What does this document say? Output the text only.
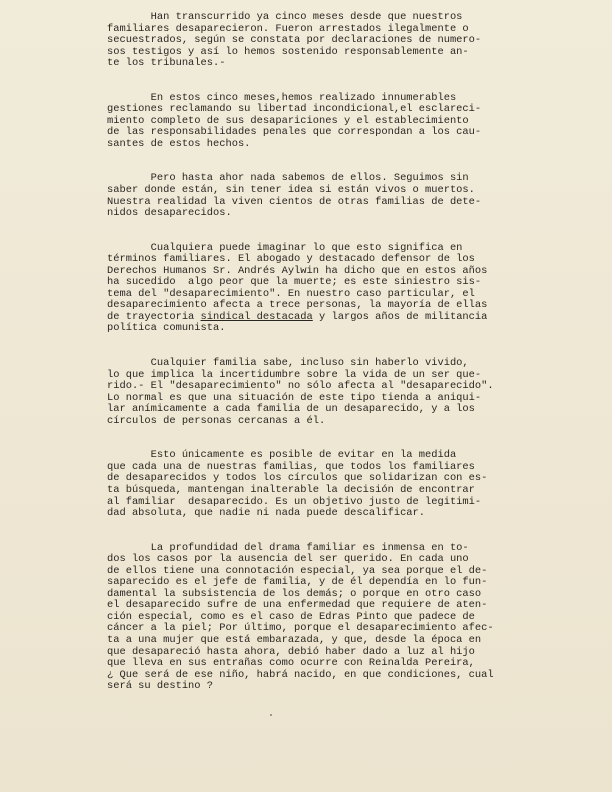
Han transcurrido ya cinco meses desde que nuestros
familiares desaparecieron. Fueron arrestados ilegalmente o
secuestrados, según se constata por declaraciones de numero-
sos testigos y así lo hemos sostenido responsablemente an-
te los tribunales.-
En estos cinco meses,hemos realizado innumerables
gestiones reclamando su libertad incondicional,el esclareci-
miento completo de sus desapariciones y el establecimiento
de las responsabilidades penales que correspondan a los cau-
santes de estos hechos.
Pero hasta ahor nada sabemos de ellos. Seguimos sin
saber donde están, sin tener idea si están vivos o muertos.
Nuestra realidad la viven cientos de otras familias de dete-
nidos desaparecidos.
Cualquiera puede imaginar lo que esto significa en
términos familiares. El abogado y destacado defensor de los
Derechos Humanos Sr. Andrés Aylwin ha dicho que en estos años
ha sucedido  algo peor que la muerte; es este siniestro sis-
tema del "desaparecimiento". En nuestro caso particular, el
desaparecimiento afecta a trece personas, la mayoría de ellas
de trayectoria sindical destacada y largos años de militancia
política comunista.
Cualquier familia sabe, incluso sin haberlo vivido,
lo que implica la incertidumbre sobre la vida de un ser que-
rido.- El "desaparecimiento" no sólo afecta al "desaparecido".
Lo normal es que una situación de este tipo tienda a aniqui-
lar anímicamente a cada familia de un desaparecido, y a los
círculos de personas cercanas a él.
Esto únicamente es posible de evitar en la medida
que cada una de nuestras familias, que todos los familiares
de desaparecidos y todos los círculos que solidarizan con es-
ta búsqueda, mantengan inalterable la decisión de encontrar
al familiar  desaparecido. Es un objetivo justo de legitimi-
dad absoluta, que nadie ni nada puede descalificar.
La profundidad del drama familiar es inmensa en to-
dos los casos por la ausencia del ser querido. En cada uno
de ellos tiene una connotación especial, ya sea porque el de-
saparecido es el jefe de familia, y de él dependía en lo fun-
damental la subsistencia de los demás; o porque en otro caso
el desaparecido sufre de una enfermedad que requiere de aten-
ción especial, como es el caso de Edras Pinto que padece de
cáncer a la piel; Por último, porque el desaparecimiento afec-
ta a una mujer que está embarazada, y que, desde la época en
que desapareció hasta ahora, debió haber dado a luz al hijo
que lleva en sus entrañas como ocurre con Reinalda Pereira,
¿ Que será de ese niño, habrá nacido, en que condiciones, cual
será su destino ?
